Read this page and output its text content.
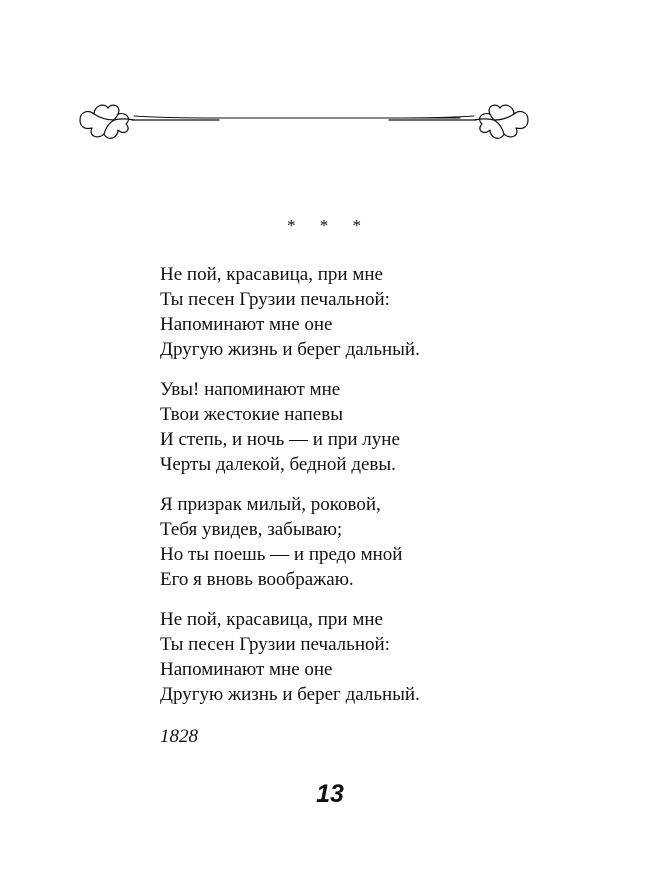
* * *
Не пой, красавица, при мне
Ты песен Грузии печальной:
Напоминают мне оне
Другую жизнь и берег дальный.
Увы! напоминают мне
Твои жестокие напевы
И степь, и ночь — и при луне
Черты далекой, бедной девы.
Я призрак милый, роковой,
Тебя увидев, забываю;
Но ты поешь — и предо мной
Его я вновь воображаю.
Не пой, красавица, при мне
Ты песен Грузии печальной:
Напоминают мне оне
Другую жизнь и берег дальный.
1828
13
